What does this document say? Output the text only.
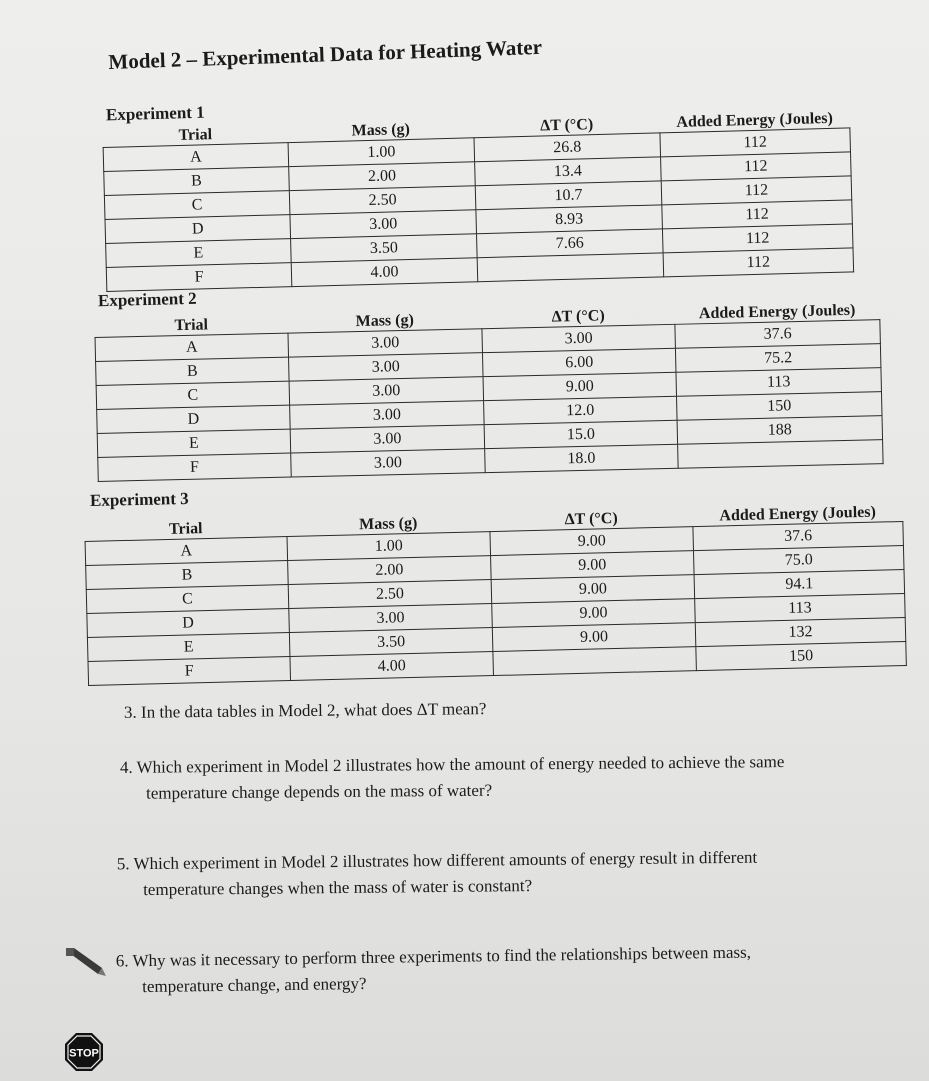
Model 2 – Experimental Data for Heating Water
Experiment 1
Trial	Mass (g)	ΔT (°C)	Added Energy (Joules)
A	1.00	26.8	112
B	2.00	13.4	112
C	2.50	10.7	112
D	3.00	8.93	112
E	3.50	7.66	112
F	4.00		112
Experiment 2
Trial	Mass (g)	ΔT (°C)	Added Energy (Joules)
A	3.00	3.00	37.6
B	3.00	6.00	75.2
C	3.00	9.00	113
D	3.00	12.0	150
E	3.00	15.0	188
F	3.00	18.0	
Experiment 3
Trial	Mass (g)	ΔT (°C)	Added Energy (Joules)
A	1.00	9.00	37.6
B	2.00	9.00	75.0
C	2.50	9.00	94.1
D	3.00	9.00	113
E	3.50	9.00	132
F	4.00		150
3. In the data tables in Model 2, what does ΔT mean?
4. Which experiment in Model 2 illustrates how the amount of energy needed to achieve the same
temperature change depends on the mass of water?
5. Which experiment in Model 2 illustrates how different amounts of energy result in different
temperature changes when the mass of water is constant?
6. Why was it necessary to perform three experiments to find the relationships between mass,
temperature change, and energy?
STOP
